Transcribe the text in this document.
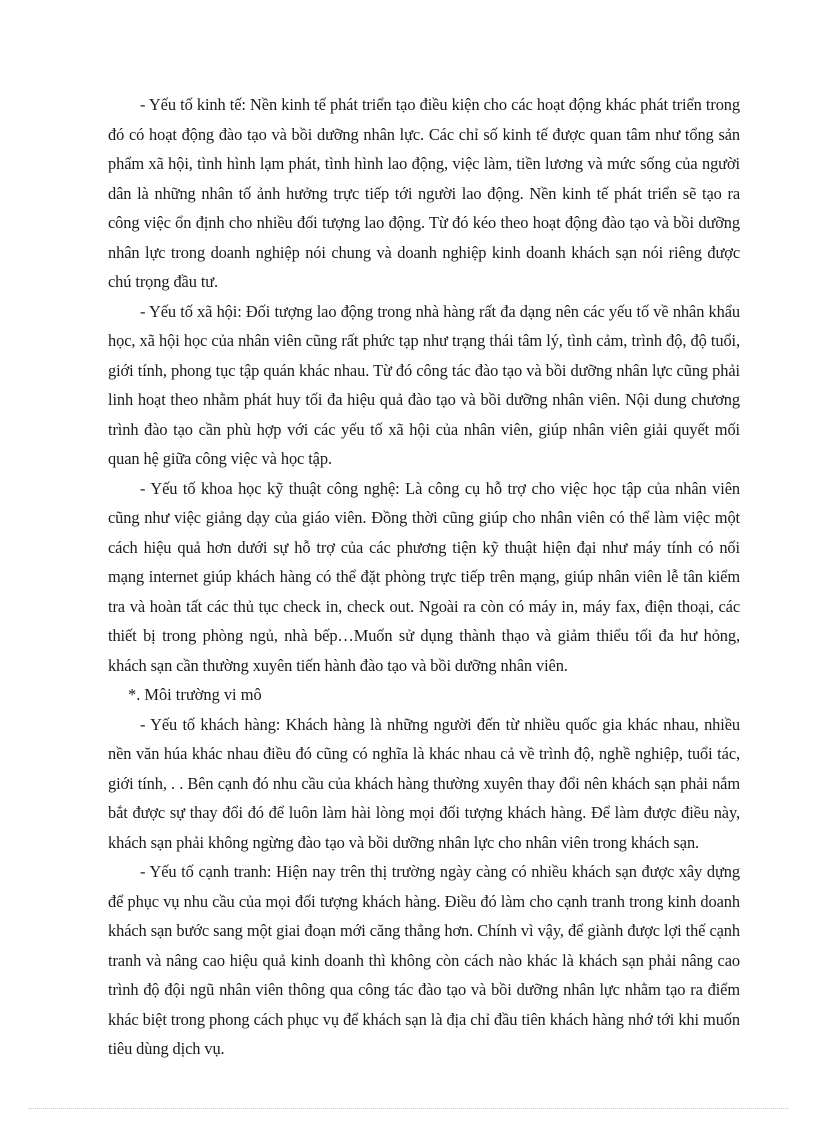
- Yếu tố kinh tế: Nền kinh tế phát triển tạo điều kiện cho các hoạt động khác phát triển trong đó có hoạt động đào tạo và bồi dưỡng nhân lực. Các chỉ số kinh tế được quan tâm như tổng sản phẩm xã hội, tình hình lạm phát, tình hình lao động, việc làm, tiền lương và mức sống của người dân là những nhân tố ảnh hưởng trực tiếp tới người lao động. Nền kinh tế phát triển sẽ tạo ra công việc ổn định cho nhiều đối tượng lao động. Từ đó kéo theo hoạt động đào tạo và bồi dưỡng nhân lực trong doanh nghiệp nói chung và doanh nghiệp kinh doanh khách sạn nói riêng được chú trọng đầu tư.

- Yếu tố xã hội: Đối tượng lao động trong nhà hàng rất đa dạng nên các yếu tố về nhân khẩu học, xã hội học của nhân viên cũng rất phức tạp như trạng thái tâm lý, tình cảm, trình độ, độ tuổi, giới tính, phong tục tập quán khác nhau. Từ đó công tác đào tạo và bồi dưỡng nhân lực cũng phải linh hoạt theo nhằm phát huy tối đa hiệu quả đào tạo và bồi dưỡng nhân viên. Nội dung chương trình đào tạo cần phù hợp với các yếu tố xã hội của nhân viên, giúp nhân viên giải quyết mối quan hệ giữa công việc và học tập.

- Yếu tố khoa học kỹ thuật công nghệ: Là công cụ hỗ trợ cho việc học tập của nhân viên cũng như việc giảng dạy của giáo viên. Đồng thời cũng giúp cho nhân viên có thể làm việc một cách hiệu quả hơn dưới sự hỗ trợ của các phương tiện kỹ thuật hiện đại như máy tính có nối mạng internet giúp khách hàng có thể đặt phòng trực tiếp trên mạng, giúp nhân viên lễ tân kiểm tra và hoàn tất các thủ tục check in, check out. Ngoài ra còn có máy in, máy fax, điện thoại, các thiết bị trong phòng ngủ, nhà bếp…Muốn sử dụng thành thạo và giảm thiểu tối đa hư hỏng, khách sạn cần thường xuyên tiến hành đào tạo và bồi dưỡng nhân viên.

*. Môi trường vi mô

- Yếu tố khách hàng: Khách hàng là những người đến từ nhiều quốc gia khác nhau, nhiều nền văn húa khác nhau điều đó cũng có nghĩa là khác nhau cả về trình độ, nghề nghiệp, tuổi tác, giới tính, . . Bên cạnh đó nhu cầu của khách hàng thường xuyên thay đổi nên khách sạn phải nắm bắt được sự thay đổi đó để luôn làm hài lòng mọi đối tượng khách hàng. Để làm được điều này, khách sạn phải không ngừng đào tạo và bồi dưỡng nhân lực cho nhân viên trong khách sạn.

- Yếu tố cạnh tranh: Hiện nay trên thị trường ngày càng có nhiều khách sạn được xây dựng để phục vụ nhu cầu của mọi đối tượng khách hàng. Điều đó làm cho cạnh tranh trong kinh doanh khách sạn bước sang một giai đoạn mới căng thẳng hơn. Chính vì vậy, để giành được lợi thế cạnh tranh và nâng cao hiệu quả kinh doanh thì không còn cách nào khác là khách sạn phải nâng cao trình độ đội ngũ nhân viên thông qua công tác đào tạo và bồi dưỡng nhân lực nhằm tạo ra điểm khác biệt trong phong cách phục vụ để khách sạn là địa chỉ đầu tiên khách hàng nhớ tới khi muốn tiêu dùng dịch vụ.
